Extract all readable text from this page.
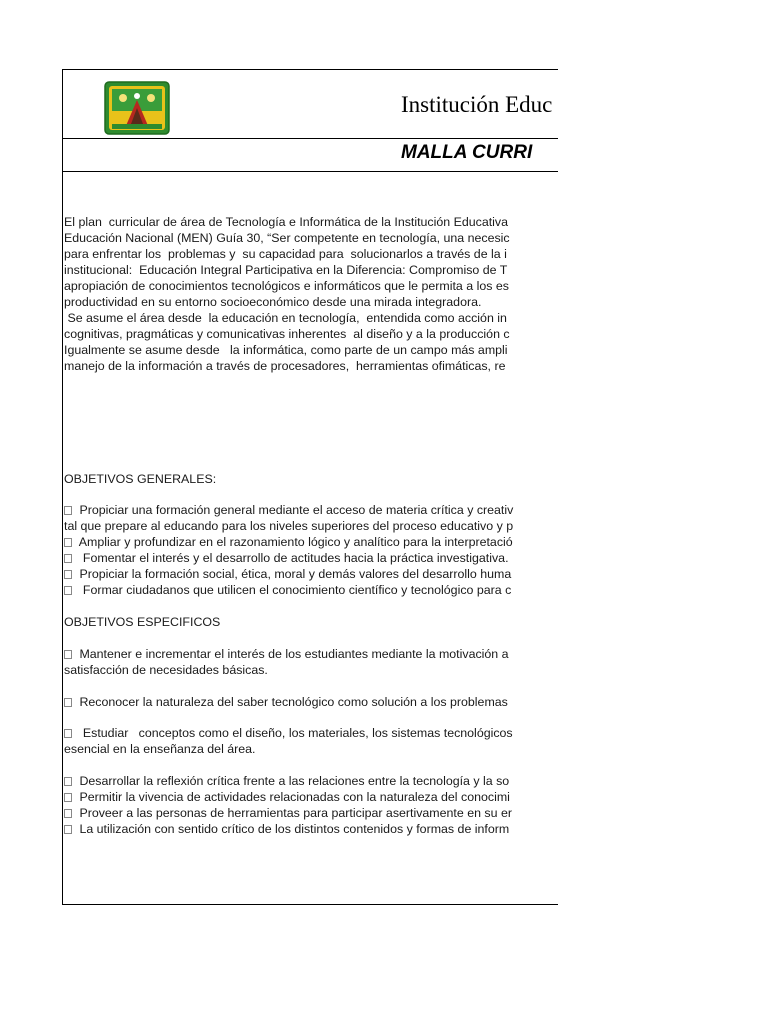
Institución Educ
MALLA CURRI
El plan  curricular de área de Tecnología e Informática de la Institución Educativa
Educación Nacional (MEN) Guía 30, “Ser competente en tecnología, una necesic
para enfrentar los  problemas y  su capacidad para  solucionarlos a través de la i
institucional:  Educación Integral Participativa en la Diferencia: Compromiso de T
apropiación de conocimientos tecnológicos e informáticos que le permita a los es
productividad en su entorno socioeconómico desde una mirada integradora.
Se asume el área desde  la educación en tecnología,  entendida como acción in
cognitivas, pragmáticas y comunicativas inherentes  al diseño y a la producción c
Igualmente se asume desde   la informática, como parte de un campo más ampli
manejo de la información a través de procesadores,  herramientas ofimáticas, re
OBJETIVOS GENERALES:
Propiciar una formación general mediante el acceso de materia crítica y creativ
tal que prepare al educando para los niveles superiores del proceso educativo y p
Ampliar y profundizar en el razonamiento lógico y analítico para la interpretació
Fomentar el interés y el desarrollo de actitudes hacia la práctica investigativa.
Propiciar la formación social, ética, moral y demás valores del desarrollo huma
Formar ciudadanos que utilicen el conocimiento científico y tecnológico para c
OBJETIVOS ESPECIFICOS
Mantener e incrementar el interés de los estudiantes mediante la motivación a
satisfacción de necesidades básicas.
Reconocer la naturaleza del saber tecnológico como solución a los problemas
Estudiar   conceptos como el diseño, los materiales, los sistemas tecnológicos
esencial en la enseñanza del área.
Desarrollar la reflexión crítica frente a las relaciones entre la tecnología y la so
Permitir la vivencia de actividades relacionadas con la naturaleza del conocimi
Proveer a las personas de herramientas para participar asertivamente en su er
La utilización con sentido crítico de los distintos contenidos y formas de inform
